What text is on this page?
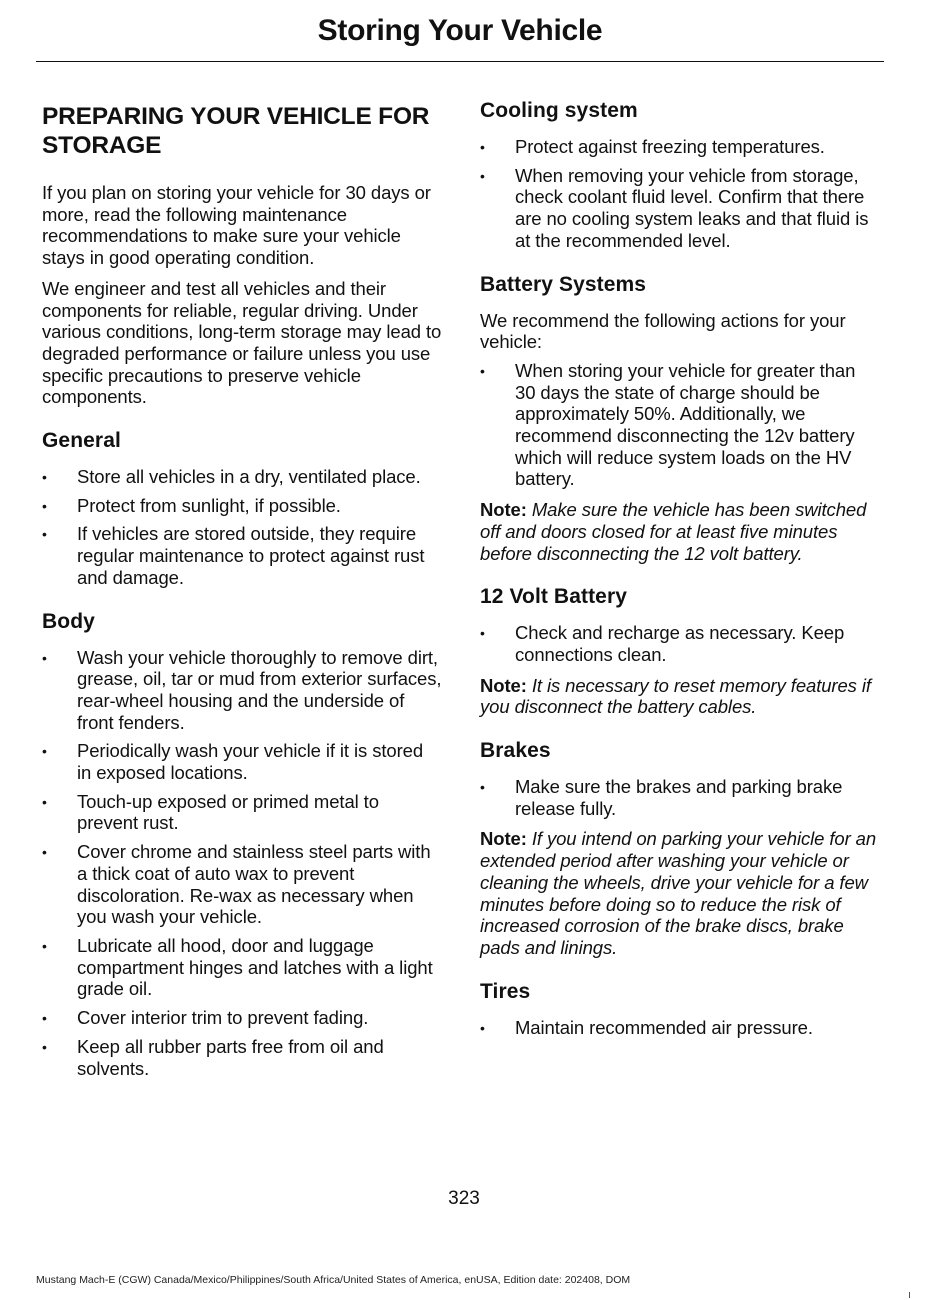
Storing Your Vehicle
PREPARING YOUR VEHICLE FOR STORAGE

If you plan on storing your vehicle for 30 days or more, read the following maintenance recommendations to make sure your vehicle stays in good operating condition.

We engineer and test all vehicles and their components for reliable, regular driving. Under various conditions, long-term storage may lead to degraded performance or failure unless you use specific precautions to preserve vehicle components.

General
• Store all vehicles in a dry, ventilated place.
• Protect from sunlight, if possible.
• If vehicles are stored outside, they require regular maintenance to protect against rust and damage.
Body
• Wash your vehicle thoroughly to remove dirt, grease, oil, tar or mud from exterior surfaces, rear-wheel housing and the underside of front fenders.
• Periodically wash your vehicle if it is stored in exposed locations.
• Touch-up exposed or primed metal to prevent rust.
• Cover chrome and stainless steel parts with a thick coat of auto wax to prevent discoloration. Re-wax as necessary when you wash your vehicle.
• Lubricate all hood, door and luggage compartment hinges and latches with a light grade oil.
• Cover interior trim to prevent fading.
• Keep all rubber parts free from oil and solvents.
Cooling system
• Protect against freezing temperatures.
• When removing your vehicle from storage, check coolant fluid level. Confirm that there are no cooling system leaks and that fluid is at the recommended level.
Battery Systems

We recommend the following actions for your vehicle:

• When storing your vehicle for greater than 30 days the state of charge should be approximately 50%. Additionally, we recommend disconnecting the 12v battery which will reduce system loads on the HV battery.

Note: Make sure the vehicle has been switched off and doors closed for at least five minutes before disconnecting the 12 volt battery.

12 Volt Battery
• Check and recharge as necessary. Keep connections clean.

Note: It is necessary to reset memory features if you disconnect the battery cables.

Brakes
• Make sure the brakes and parking brake release fully.

Note: If you intend on parking your vehicle for an extended period after washing your vehicle or cleaning the wheels, drive your vehicle for a few minutes before doing so to reduce the risk of increased corrosion of the brake discs, brake pads and linings.

Tires
• Maintain recommended air pressure.
323
Mustang Mach-E (CGW) Canada/Mexico/Philippines/South Africa/United States of America, enUSA, Edition date: 202408, DOM
